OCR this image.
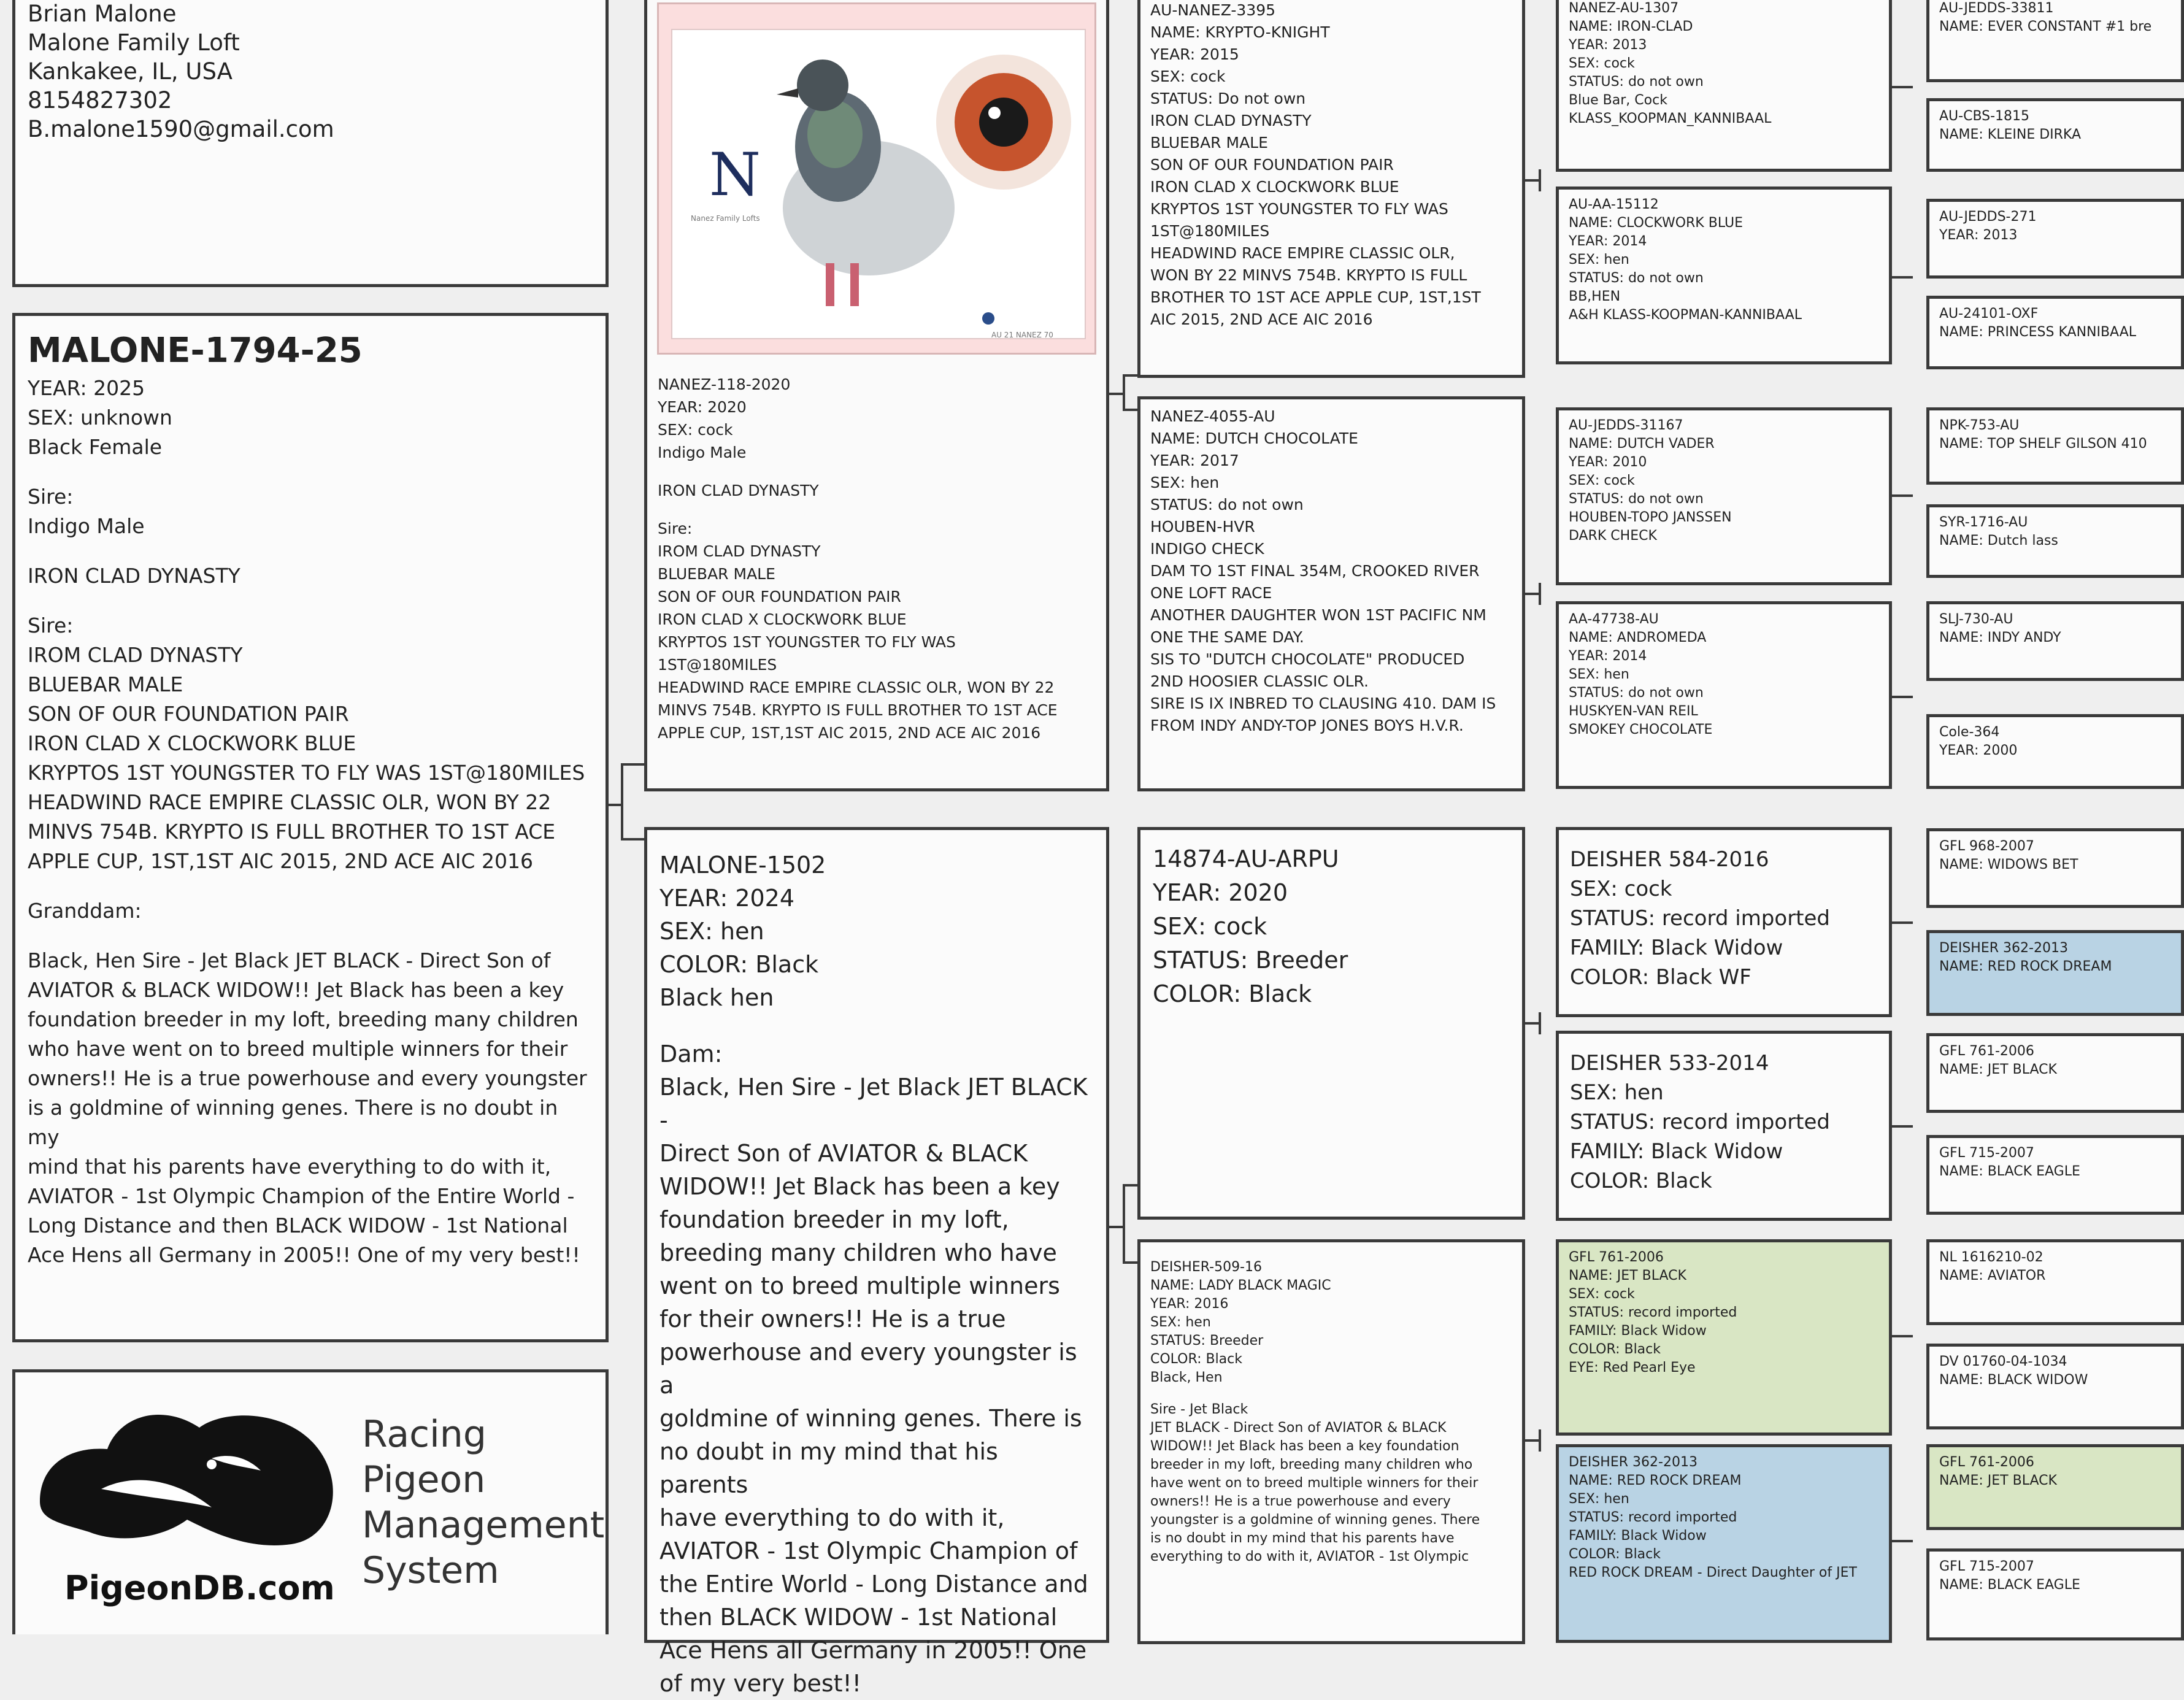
Brian Malone
Malone Family Loft
Kankakee, IL, USA
8154827302
B.malone1590@gmail.com
MALONE-1794-25
YEAR: 2025
SEX: unknown
Black Female
Sire:
Indigo Male
IRON CLAD DYNASTY
Sire:
IROM CLAD DYNASTY
BLUEBAR MALE
SON OF OUR FOUNDATION PAIR
IRON CLAD X CLOCKWORK BLUE
KRYPTOS 1ST YOUNGSTER TO FLY WAS 1ST@180MILES
HEADWIND RACE EMPIRE CLASSIC OLR, WON BY 22
MINVS 754B. KRYPTO IS FULL BROTHER TO 1ST ACE
APPLE CUP, 1ST,1ST AIC 2015, 2ND ACE AIC 2016
Granddam:
Black, Hen Sire - Jet Black JET BLACK - Direct Son of
AVIATOR & BLACK WIDOW!! Jet Black has been a key
foundation breeder in my loft, breeding many children
who have went on to breed multiple winners for their
owners!! He is a true powerhouse and every youngster
is a goldmine of winning genes. There is no doubt in my
mind that his parents have everything to do with it,
AVIATOR - 1st Olympic Champion of the Entire World -
Long Distance and then BLACK WIDOW - 1st National
Ace Hens all Germany in 2005!! One of my very best!!
Racing Pigeon
Management
System
PigeonDB.com
N
Nanez Family Lofts
AU 21 NANEZ 70
NANEZ-118-2020
YEAR: 2020
SEX: cock
Indigo Male
IRON CLAD DYNASTY
Sire:
IROM CLAD DYNASTY
BLUEBAR MALE
SON OF OUR FOUNDATION PAIR
IRON CLAD X CLOCKWORK BLUE
KRYPTOS 1ST YOUNGSTER TO FLY WAS
1ST@180MILES
HEADWIND RACE EMPIRE CLASSIC OLR, WON BY 22
MINVS 754B. KRYPTO IS FULL BROTHER TO 1ST ACE
APPLE CUP, 1ST,1ST AIC 2015, 2ND ACE AIC 2016
MALONE-1502
YEAR: 2024
SEX: hen
COLOR: Black
Black hen
Dam:
Black, Hen Sire - Jet Black JET BLACK -
Direct Son of AVIATOR & BLACK
WIDOW!! Jet Black has been a key
foundation breeder in my loft,
breeding many children who have
went on to breed multiple winners
for their owners!! He is a true
powerhouse and every youngster is a
goldmine of winning genes. There is
no doubt in my mind that his parents
have everything to do with it,
AVIATOR - 1st Olympic Champion of
the Entire World - Long Distance and
then BLACK WIDOW - 1st National
Ace Hens all Germany in 2005!! One
of my very best!!
AU-NANEZ-3395
NAME: KRYPTO-KNIGHT
YEAR: 2015
SEX: cock
STATUS: Do not own
IRON CLAD DYNASTY
BLUEBAR MALE
SON OF OUR FOUNDATION PAIR
IRON CLAD X CLOCKWORK BLUE
KRYPTOS 1ST YOUNGSTER TO FLY WAS
1ST@180MILES
HEADWIND RACE EMPIRE CLASSIC OLR,
WON BY 22 MINVS 754B. KRYPTO IS FULL
BROTHER TO 1ST ACE APPLE CUP, 1ST,1ST
AIC 2015, 2ND ACE AIC 2016
NANEZ-4055-AU
NAME: DUTCH CHOCOLATE
YEAR: 2017
SEX: hen
STATUS: do not own
HOUBEN-HVR
INDIGO CHECK
DAM TO 1ST FINAL 354M, CROOKED RIVER
ONE LOFT RACE
ANOTHER DAUGHTER WON 1ST PACIFIC NM
ONE THE SAME DAY.
SIS TO "DUTCH CHOCOLATE" PRODUCED
2ND HOOSIER CLASSIC OLR.
SIRE IS IX INBRED TO CLAUSING 410. DAM IS
FROM INDY ANDY-TOP JONES BOYS H.V.R.
14874-AU-ARPU
YEAR: 2020
SEX: cock
STATUS: Breeder
COLOR: Black
DEISHER-509-16
NAME: LADY BLACK MAGIC
YEAR: 2016
SEX: hen
STATUS: Breeder
COLOR: Black
Black, Hen
Sire - Jet Black
JET BLACK - Direct Son of AVIATOR & BLACK
WIDOW!! Jet Black has been a key foundation
breeder in my loft, breeding many children who
have went on to breed multiple winners for their
owners!! He is a true powerhouse and every
youngster is a goldmine of winning genes. There
is no doubt in my mind that his parents have
everything to do with it, AVIATOR - 1st Olympic
NANEZ-AU-1307
NAME: IRON-CLAD
YEAR: 2013
SEX: cock
STATUS: do not own
Blue Bar, Cock
KLASS_KOOPMAN_KANNIBAAL
AU-AA-15112
NAME: CLOCKWORK BLUE
YEAR: 2014
SEX: hen
STATUS: do not own
BB,HEN
A&H KLASS-KOOPMAN-KANNIBAAL
AU-JEDDS-31167
NAME: DUTCH VADER
YEAR: 2010
SEX: cock
STATUS: do not own
HOUBEN-TOPO JANSSEN
DARK CHECK
AA-47738-AU
NAME: ANDROMEDA
YEAR: 2014
SEX: hen
STATUS: do not own
HUSKYEN-VAN REIL
SMOKEY CHOCOLATE
DEISHER 584-2016
SEX: cock
STATUS: record imported
FAMILY: Black Widow
COLOR: Black WF
DEISHER 533-2014
SEX: hen
STATUS: record imported
FAMILY: Black Widow
COLOR: Black
GFL 761-2006
NAME: JET BLACK
SEX: cock
STATUS: record imported
FAMILY: Black Widow
COLOR: Black
EYE: Red Pearl Eye
DEISHER 362-2013
NAME: RED ROCK DREAM
SEX: hen
STATUS: record imported
FAMILY: Black Widow
COLOR: Black
RED ROCK DREAM - Direct Daughter of JET
AU-JEDDS-33811
NAME: EVER CONSTANT #1 bre
AU-CBS-1815
NAME: KLEINE DIRKA
AU-JEDDS-271
YEAR: 2013
AU-24101-OXF
NAME: PRINCESS KANNIBAAL
NPK-753-AU
NAME: TOP SHELF GILSON 410
SYR-1716-AU
NAME: Dutch lass
SLJ-730-AU
NAME: INDY ANDY
Cole-364
YEAR: 2000
GFL 968-2007
NAME: WIDOWS BET
DEISHER 362-2013
NAME: RED ROCK DREAM
GFL 761-2006
NAME: JET BLACK
GFL 715-2007
NAME: BLACK EAGLE
NL 1616210-02
NAME: AVIATOR
DV 01760-04-1034
NAME: BLACK WIDOW
GFL 761-2006
NAME: JET BLACK
GFL 715-2007
NAME: BLACK EAGLE
